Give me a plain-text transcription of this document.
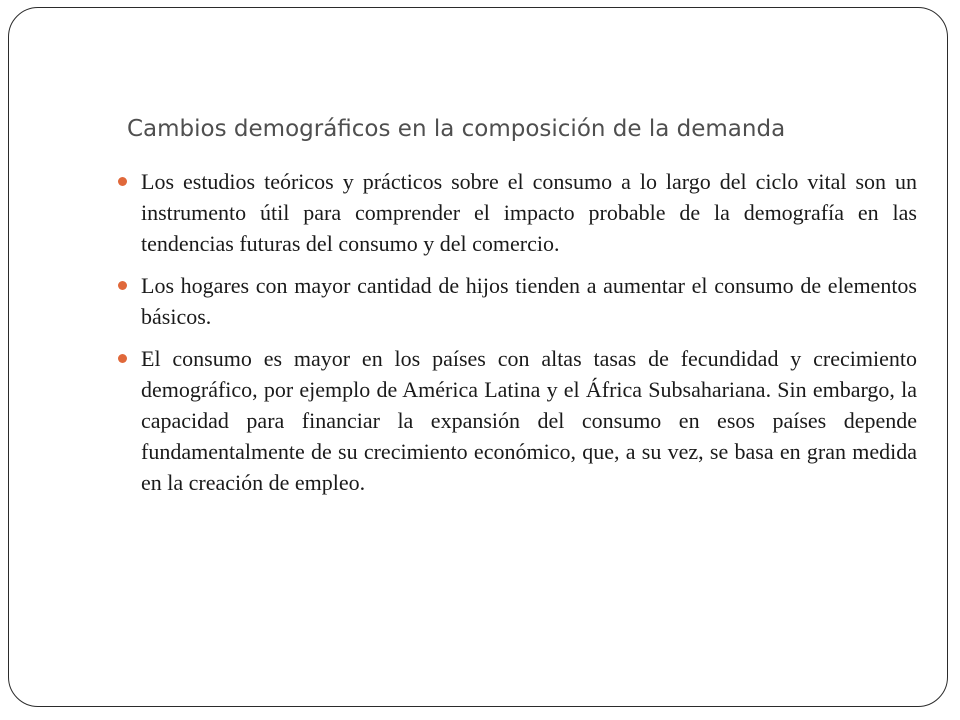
Cambios demográficos en la composición de la demanda
Los estudios teóricos y prácticos sobre el consumo a lo largo del ciclo vital son un instrumento útil para comprender el impacto probable de la demografía en las tendencias futuras del consumo y del comercio.
Los hogares con mayor cantidad de hijos tienden a aumentar el consumo de elementos básicos.
El consumo es mayor en los países con altas tasas de fecundidad y crecimiento demográfico, por ejemplo de América Latina y el África Subsahariana. Sin embargo, la capacidad para financiar la expansión del consumo en esos países depende fundamentalmente de su crecimiento económico, que, a su vez, se basa en gran medida en la creación de empleo.
